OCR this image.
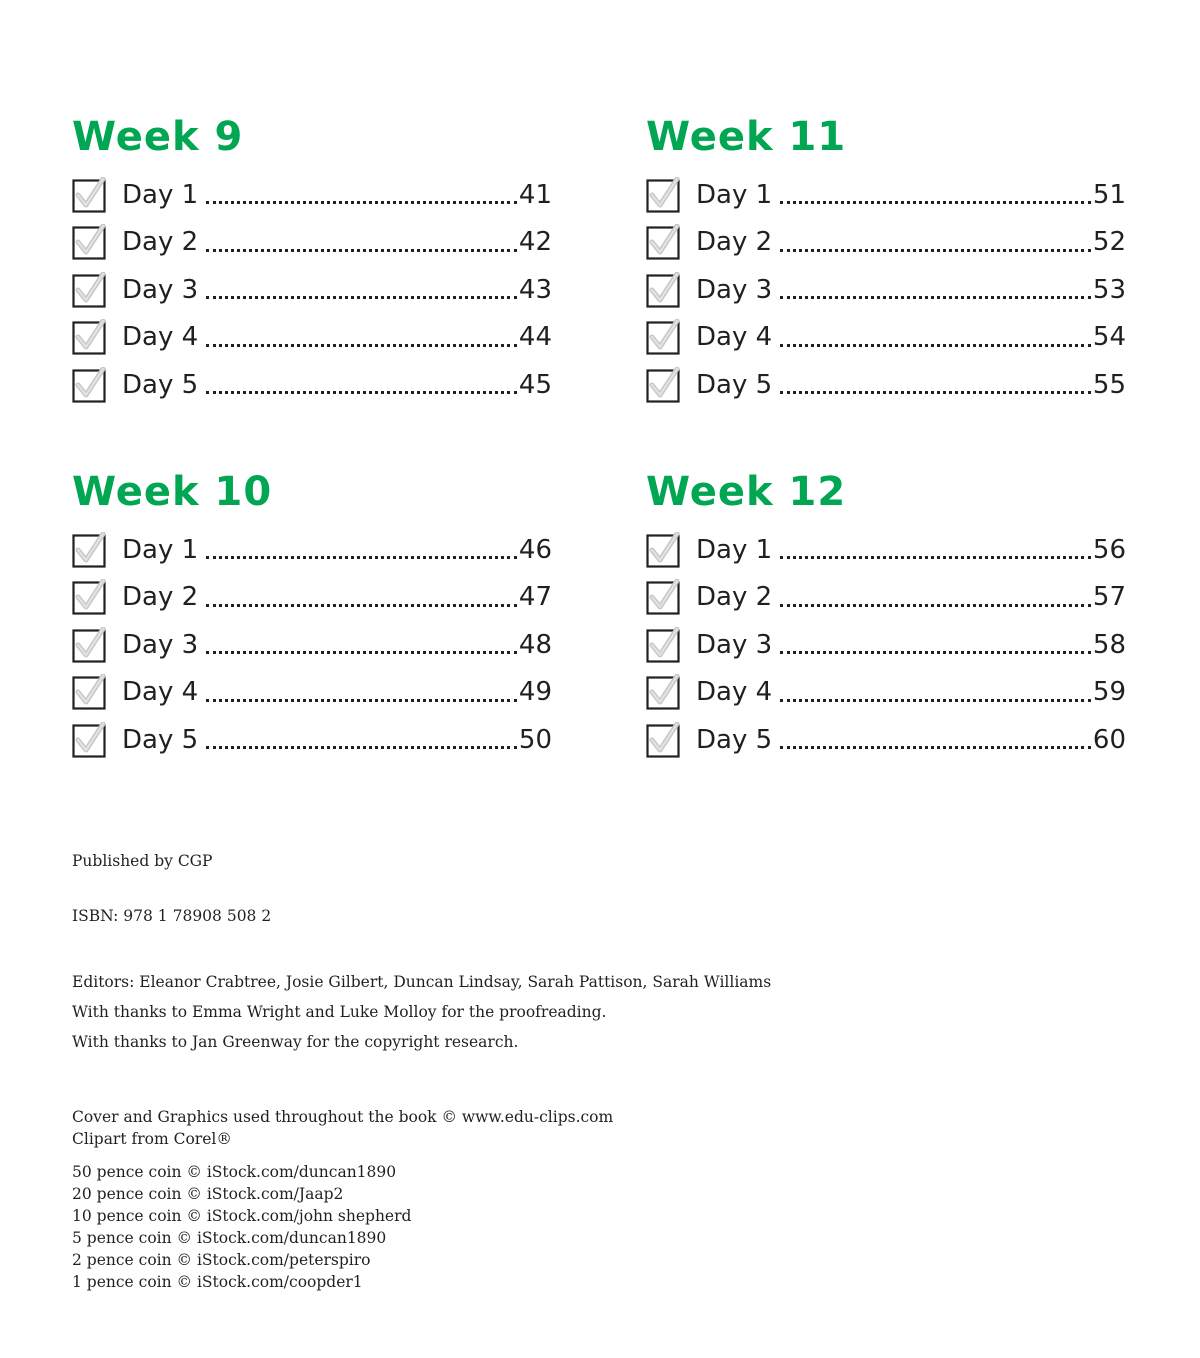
Week 9
Day 1	41
Day 2	42
Day 3	43
Day 4	44
Day 5	45
Week 11
Day 1	51
Day 2	52
Day 3	53
Day 4	54
Day 5	55
Week 10
Day 1	46
Day 2	47
Day 3	48
Day 4	49
Day 5	50
Week 12
Day 1	56
Day 2	57
Day 3	58
Day 4	59
Day 5	60

Published by CGP

ISBN: 978 1 78908 508 2

Editors: Eleanor Crabtree, Josie Gilbert, Duncan Lindsay, Sarah Pattison, Sarah Williams

With thanks to Emma Wright and Luke Molloy for the proofreading.

With thanks to Jan Greenway for the copyright research.

Cover and Graphics used throughout the book © www.edu-clips.com

Clipart from Corel®

50 pence coin © iStock.com/duncan1890

20 pence coin © iStock.com/Jaap2

10 pence coin © iStock.com/john shepherd

5 pence coin © iStock.com/duncan1890

2 pence coin © iStock.com/peterspiro

1 pence coin © iStock.com/coopder1
